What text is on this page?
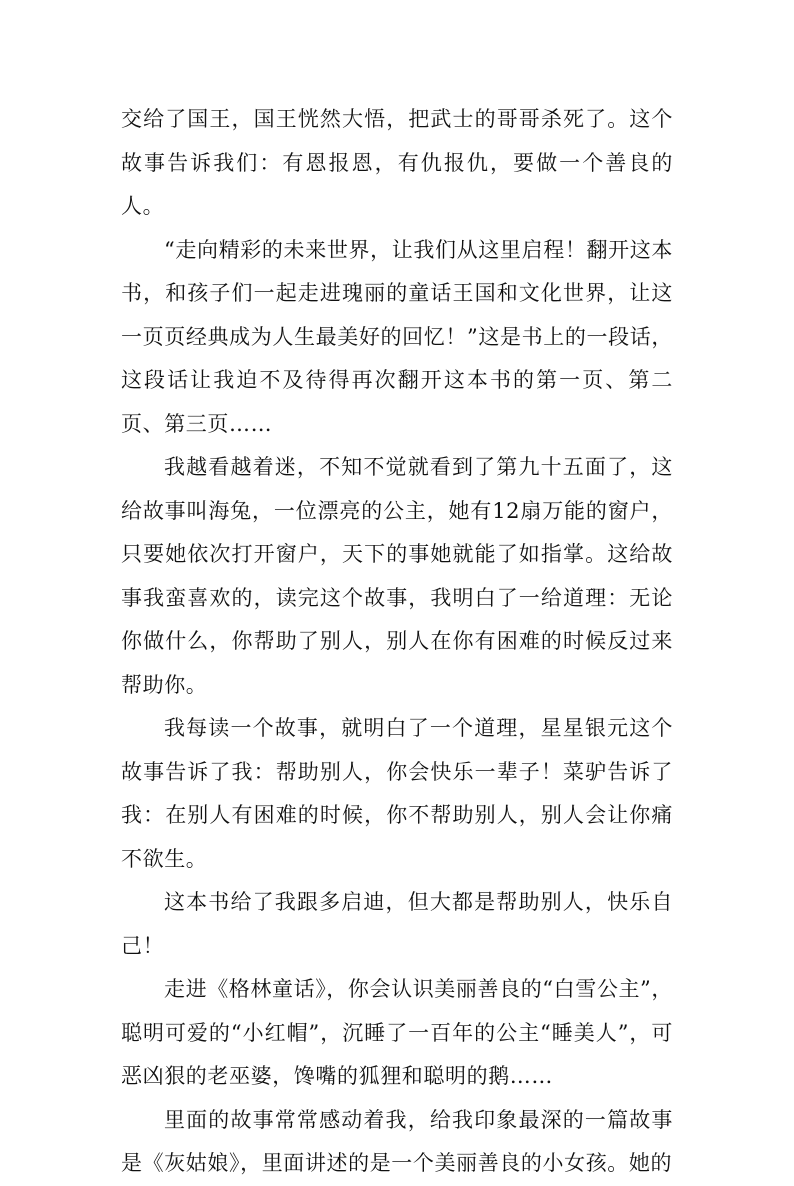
交给了国王，国王恍然大悟，把武士的哥哥杀死了。这个故事告诉我们：有恩报恩，有仇报仇，要做一个善良的人。

“走向精彩的未来世界，让我们从这里启程！翻开这本书，和孩子们一起走进瑰丽的童话王国和文化世界，让这一页页经典成为人生最美好的回忆！”这是书上的一段话，这段话让我迫不及待得再次翻开这本书的第一页、第二页、第三页……

我越看越着迷，不知不觉就看到了第九十五面了，这给故事叫海兔，一位漂亮的公主，她有12扇万能的窗户，只要她依次打开窗户，天下的事她就能了如指掌。这给故事我蛮喜欢的，读完这个故事，我明白了一给道理：无论你做什么，你帮助了别人，别人在你有困难的时候反过来帮助你。

我每读一个故事，就明白了一个道理，星星银元这个故事告诉了我：帮助别人，你会快乐一辈子！菜驴告诉了我：在别人有困难的时候，你不帮助别人，别人会让你痛不欲生。

这本书给了我跟多启迪，但大都是帮助别人，快乐自己！

走进《格林童话》，你会认识美丽善良的“白雪公主”，聪明可爱的“小红帽”，沉睡了一百年的公主“睡美人”，可恶凶狠的老巫婆，馋嘴的狐狸和聪明的鹅……

里面的故事常常感动着我，给我印象最深的一篇故事是《灰姑娘》，里面讲述的是一个美丽善良的小女孩。她的
